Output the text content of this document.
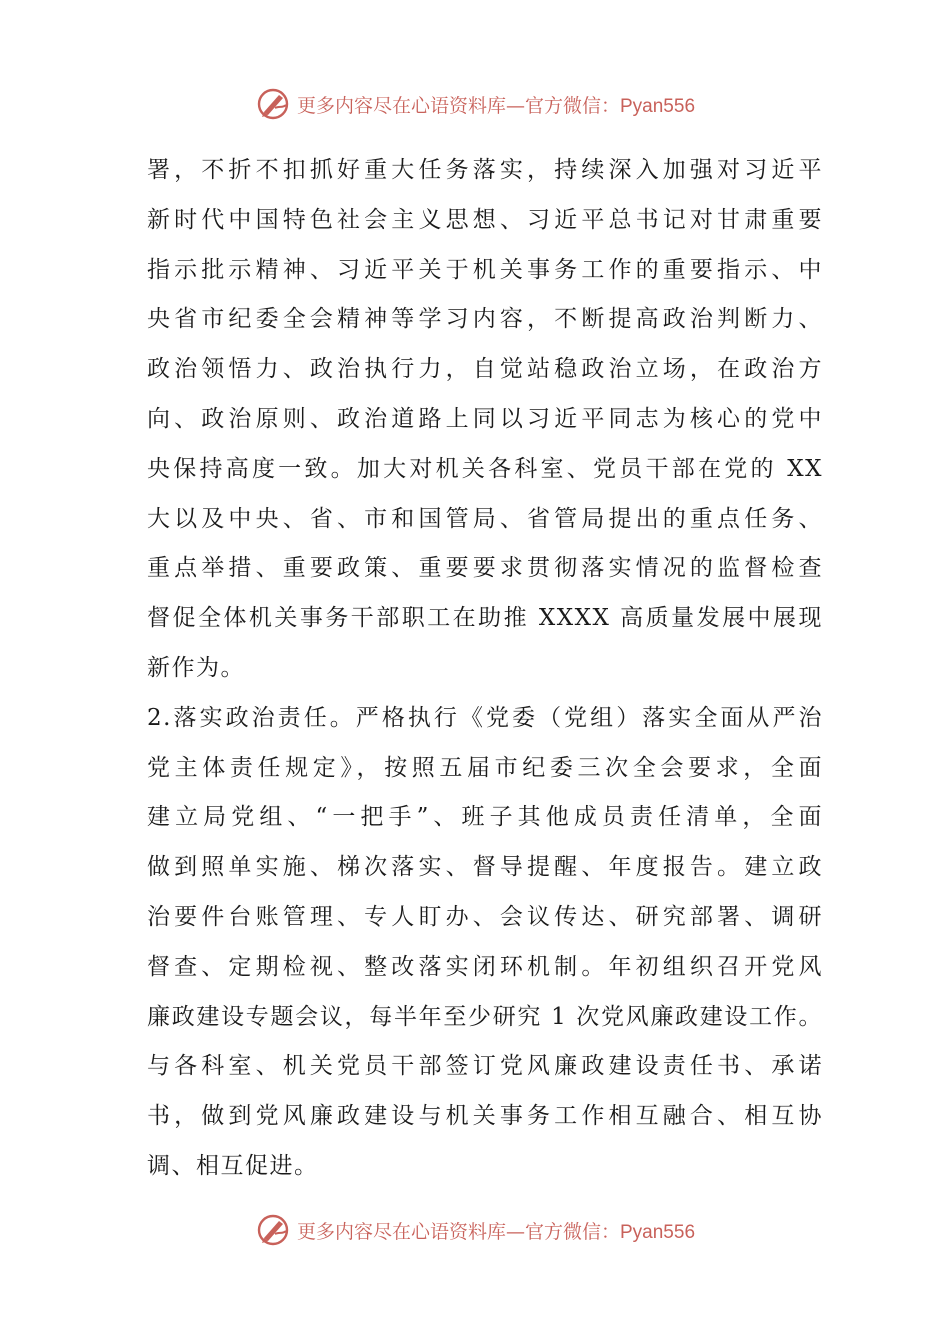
更多内容尽在心语资料库—官方微信：Pyan556
署，不折不扣抓好重大任务落实，持续深入加强对习近平
新时代中国特色社会主义思想、习近平总书记对甘肃重要
指示批示精神、习近平关于机关事务工作的重要指示、中
央省市纪委全会精神等学习内容，不断提高政治判断力、
政治领悟力、政治执行力，自觉站稳政治立场，在政治方
向、政治原则、政治道路上同以习近平同志为核心的党中
央保持高度一致。加大对机关各科室、党员干部在党的 XX
大以及中央、省、市和国管局、省管局提出的重点任务、
重点举措、重要政策、重要要求贯彻落实情况的监督检查
督促全体机关事务干部职工在助推 XXXX 高质量发展中展现
新作为。
2.落实政治责任。严格执行《党委（党组）落实全面从严治
党主体责任规定》，按照五届市纪委三次全会要求，全面
建立局党组、“一把手”、班子其他成员责任清单，全面
做到照单实施、梯次落实、督导提醒、年度报告。建立政
治要件台账管理、专人盯办、会议传达、研究部署、调研
督查、定期检视、整改落实闭环机制。年初组织召开党风
廉政建设专题会议，每半年至少研究 1 次党风廉政建设工作。
与各科室、机关党员干部签订党风廉政建设责任书、承诺
书，做到党风廉政建设与机关事务工作相互融合、相互协
调、相互促进。
更多内容尽在心语资料库—官方微信：Pyan556
